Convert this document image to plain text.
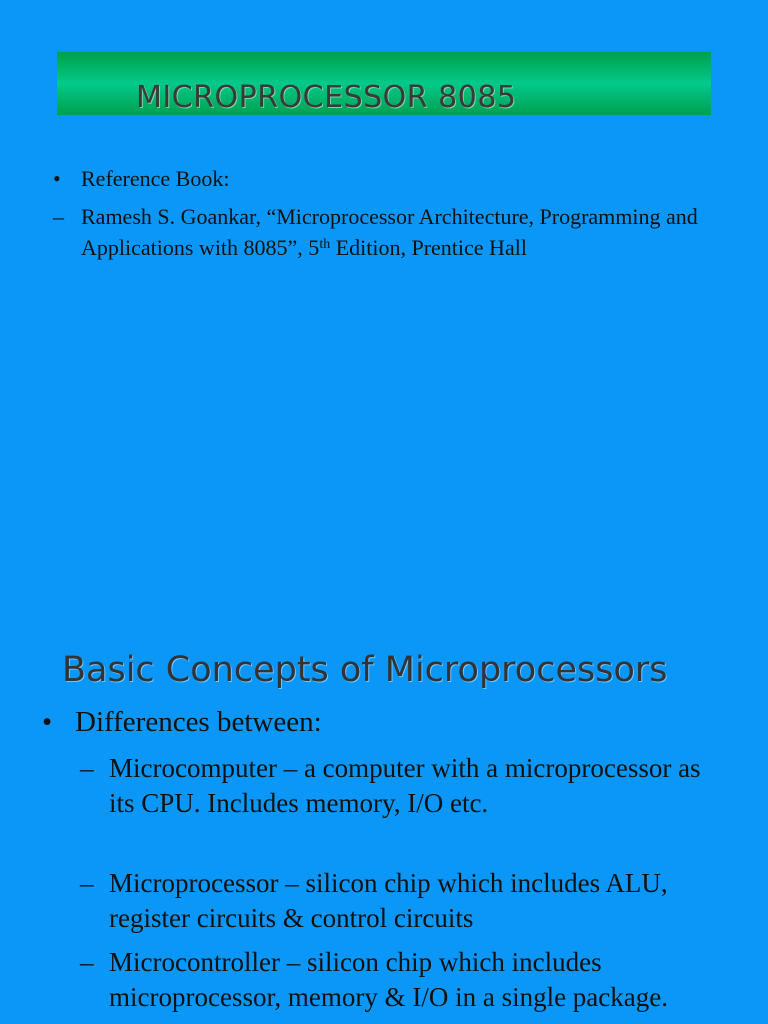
MICROPROCESSOR 8085
• Reference Book:
– Ramesh S. Goankar, “Microprocessor Architecture, Programming and Applications with 8085”, 5th Edition, Prentice Hall
Basic Concepts of Microprocessors
• Differences between:
– Microcomputer – a computer with a microprocessor as its CPU. Includes memory, I/O etc.
– Microprocessor – silicon chip which includes ALU, register circuits & control circuits
– Microcontroller – silicon chip which includes microprocessor, memory & I/O in a single package.
